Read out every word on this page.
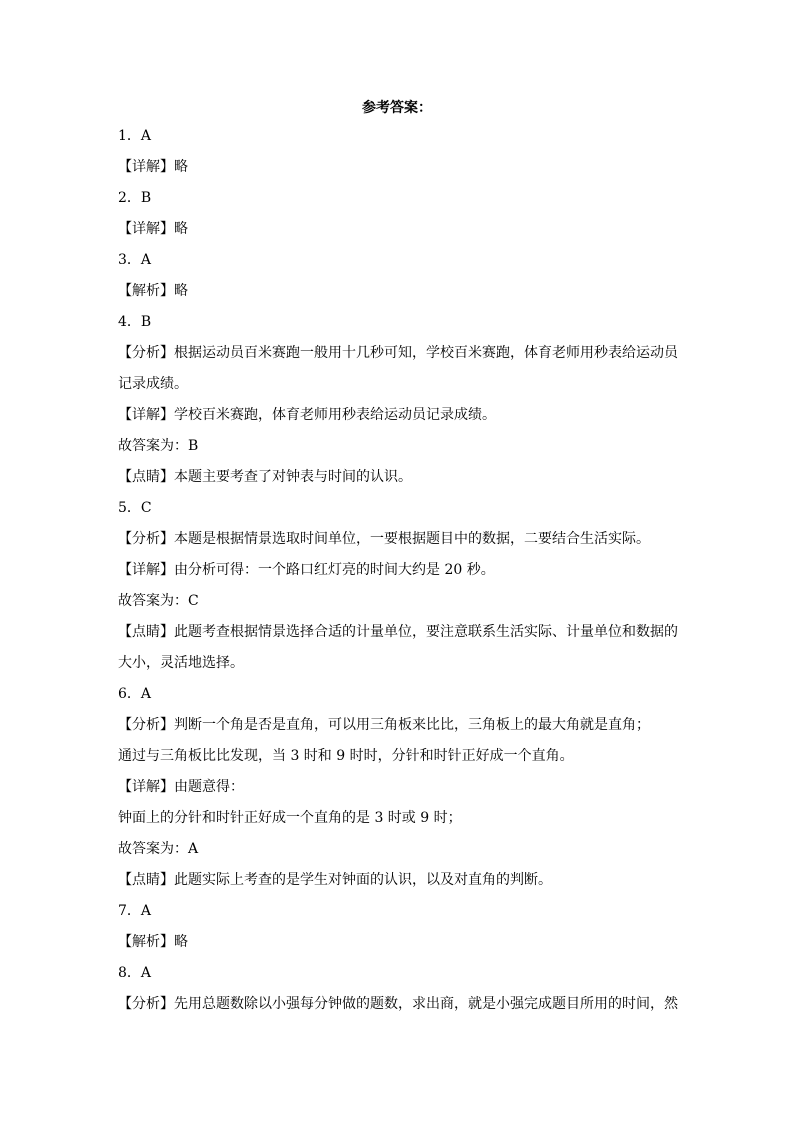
参考答案：
1．A
【详解】略
2．B
【详解】略
3．A
【解析】略
4．B
【分析】根据运动员百米赛跑一般用十几秒可知，学校百米赛跑，体育老师用秒表给运动员
记录成绩。
【详解】学校百米赛跑，体育老师用秒表给运动员记录成绩。
故答案为：B
【点睛】本题主要考查了对钟表与时间的认识。
5．C
【分析】本题是根据情景选取时间单位，一要根据题目中的数据，二要结合生活实际。
【详解】由分析可得：一个路口红灯亮的时间大约是 20 秒。
故答案为：C
【点睛】此题考查根据情景选择合适的计量单位，要注意联系生活实际、计量单位和数据的
大小，灵活地选择。
6．A
【分析】判断一个角是否是直角，可以用三角板来比比，三角板上的最大角就是直角；
通过与三角板比比发现，当 3 时和 9 时时，分针和时针正好成一个直角。
【详解】由题意得：
钟面上的分针和时针正好成一个直角的是 3 时或 9 时；
故答案为：A
【点睛】此题实际上考查的是学生对钟面的认识，以及对直角的判断。
7．A
【解析】略
8．A
【分析】先用总题数除以小强每分钟做的题数，求出商，就是小强完成题目所用的时间，然
